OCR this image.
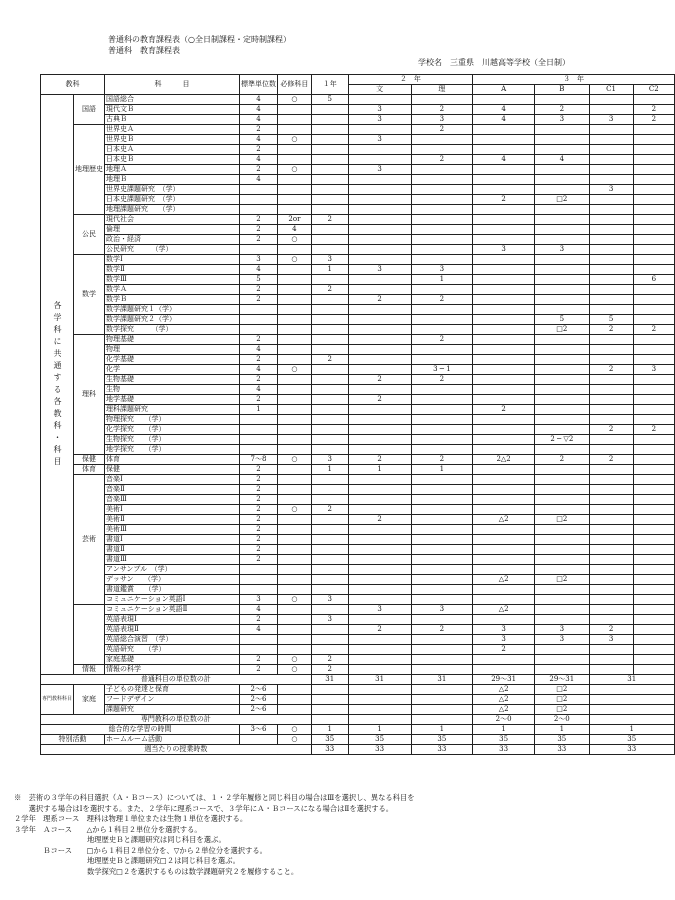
普通科の教育課程表（○全日制課程・定時制課程）
普通科　教育課程表
学校名　三重県　川越高等学校（全日制）
教科		科　　　目	標準単位数	必修科目	１年	２　年		３　年			
						文	理	A	B	C1	C2
各学科に共通する各教科・科目	国語	国語総合	4	○	5						
		現代文Ｂ	4			3	2	4	2		2
		古典Ｂ	4			3	3	4	3	3	2
	地理歴史	世界史Ａ	2				2				
		世界史Ｂ	4	○		3					
		日本史Ａ	2								
		日本史Ｂ	4				2	4	4		
		地理Ａ	2	○		3					
		地理Ｂ	4								
		世界史課題研究　（学）								3	
		日本史課題研究　（学）						2	□2		
		地理課題研究　　（学）									
	公民	現代社会	2	2or	2						
		倫理	2	4							
		政治・経済	2	○							
		公民研究　　　（学）						3	3		
	数学	数学Ⅰ	3	○	3						
		数学Ⅱ	4		1	3	3				
		数学Ⅲ	5				1				6
		数学Ａ	2		2						
		数学Ｂ	2			2	2				
		数学課題研究１（学）									
		数学課題研究２（学）							5	5	
		数学探究　　　（学）							□2	2	2
	理科	物理基礎	2				2				
		物理	4								
		化学基礎	2		2						
		化学	4	○			3 ─ 1			2	3
		生物基礎	2			2	2				
		生物	4								
		地学基礎	2			2					
		理科課題研究	1					2			
		物理探究　　（学）									
		化学探究　　（学）								2	2
		生物探究　　（学）							2 ─ ▽2		
		地学探究　　（学）									
	保健	体育	7～8	○	3	2	2	2△2	2	2	
	体育	保健	2		1	1	1				
	芸術	音楽Ⅰ	2								
		音楽Ⅱ	2								
		音楽Ⅲ	2								
		美術Ⅰ	2	○	2						
		美術Ⅱ	2			2		△2	□2		
		美術Ⅲ	2								
		書道Ⅰ	2								
		書道Ⅱ	2								
		書道Ⅲ	2								
		アンサンブル　（学）									
		デッサン　　（学）						△2	□2		
		書道鑑賞　　（学）									
		コミュニケーション英語Ⅰ	3	○	3						
		コミュニケーション英語Ⅱ	4			3	3	△2			
		英語表現Ⅰ	2		3						
		英語表現Ⅱ	4			2	2	3	3	2	
		英語総合演習　（学）						3	3	3	
		英語研究　　（学）						2			
		家庭基礎	2	○	2						
	情報	情報の科学	2	○	2						
普通科目の単位数の計					31	31	31	29～31	29～31	31	
専門教科科目	家庭	子どもの発達と保育	2～6					△2	□2		
		フードデザイン	2～6					△2	□2		
		課題研究	2～6					△2	□2		
専門教科の単位数の計								2～0	2～0		
総合的な学習の時間			3～6	○	1	1	1	1	1	1	
特別活動		ホームルーム活動		○	35	35	35	35	35	35	
週当たりの授業時数					33	33	33	33	33	33	
※　芸術の３学年の科目選択（Ａ・Ｂコース）については、１・２学年履修と同じ科目の場合はⅢを選択し、異なる科目を
　　選択する場合はⅠを選択する。また、２学年に理系コースで、３学年にＡ・Ｂコースになる場合はⅡを選択する。
２学年　理系コース　理科は物理１単位または生物１単位を選択する。
３学年　Ａコース　　△から１科目２単位分を選択する。
　　　　　　　　　　地理歴史Ｂと課題研究は同じ科目を選ぶ。
　　　　Ｂコース　　□から１科目２単位分を、▽から２単位分を選択する。
　　　　　　　　　　地理歴史Ｂと課題研究□２は同じ科目を選ぶ。
　　　　　　　　　　数学探究□２を選択するものは数学課題研究２を履修すること。
